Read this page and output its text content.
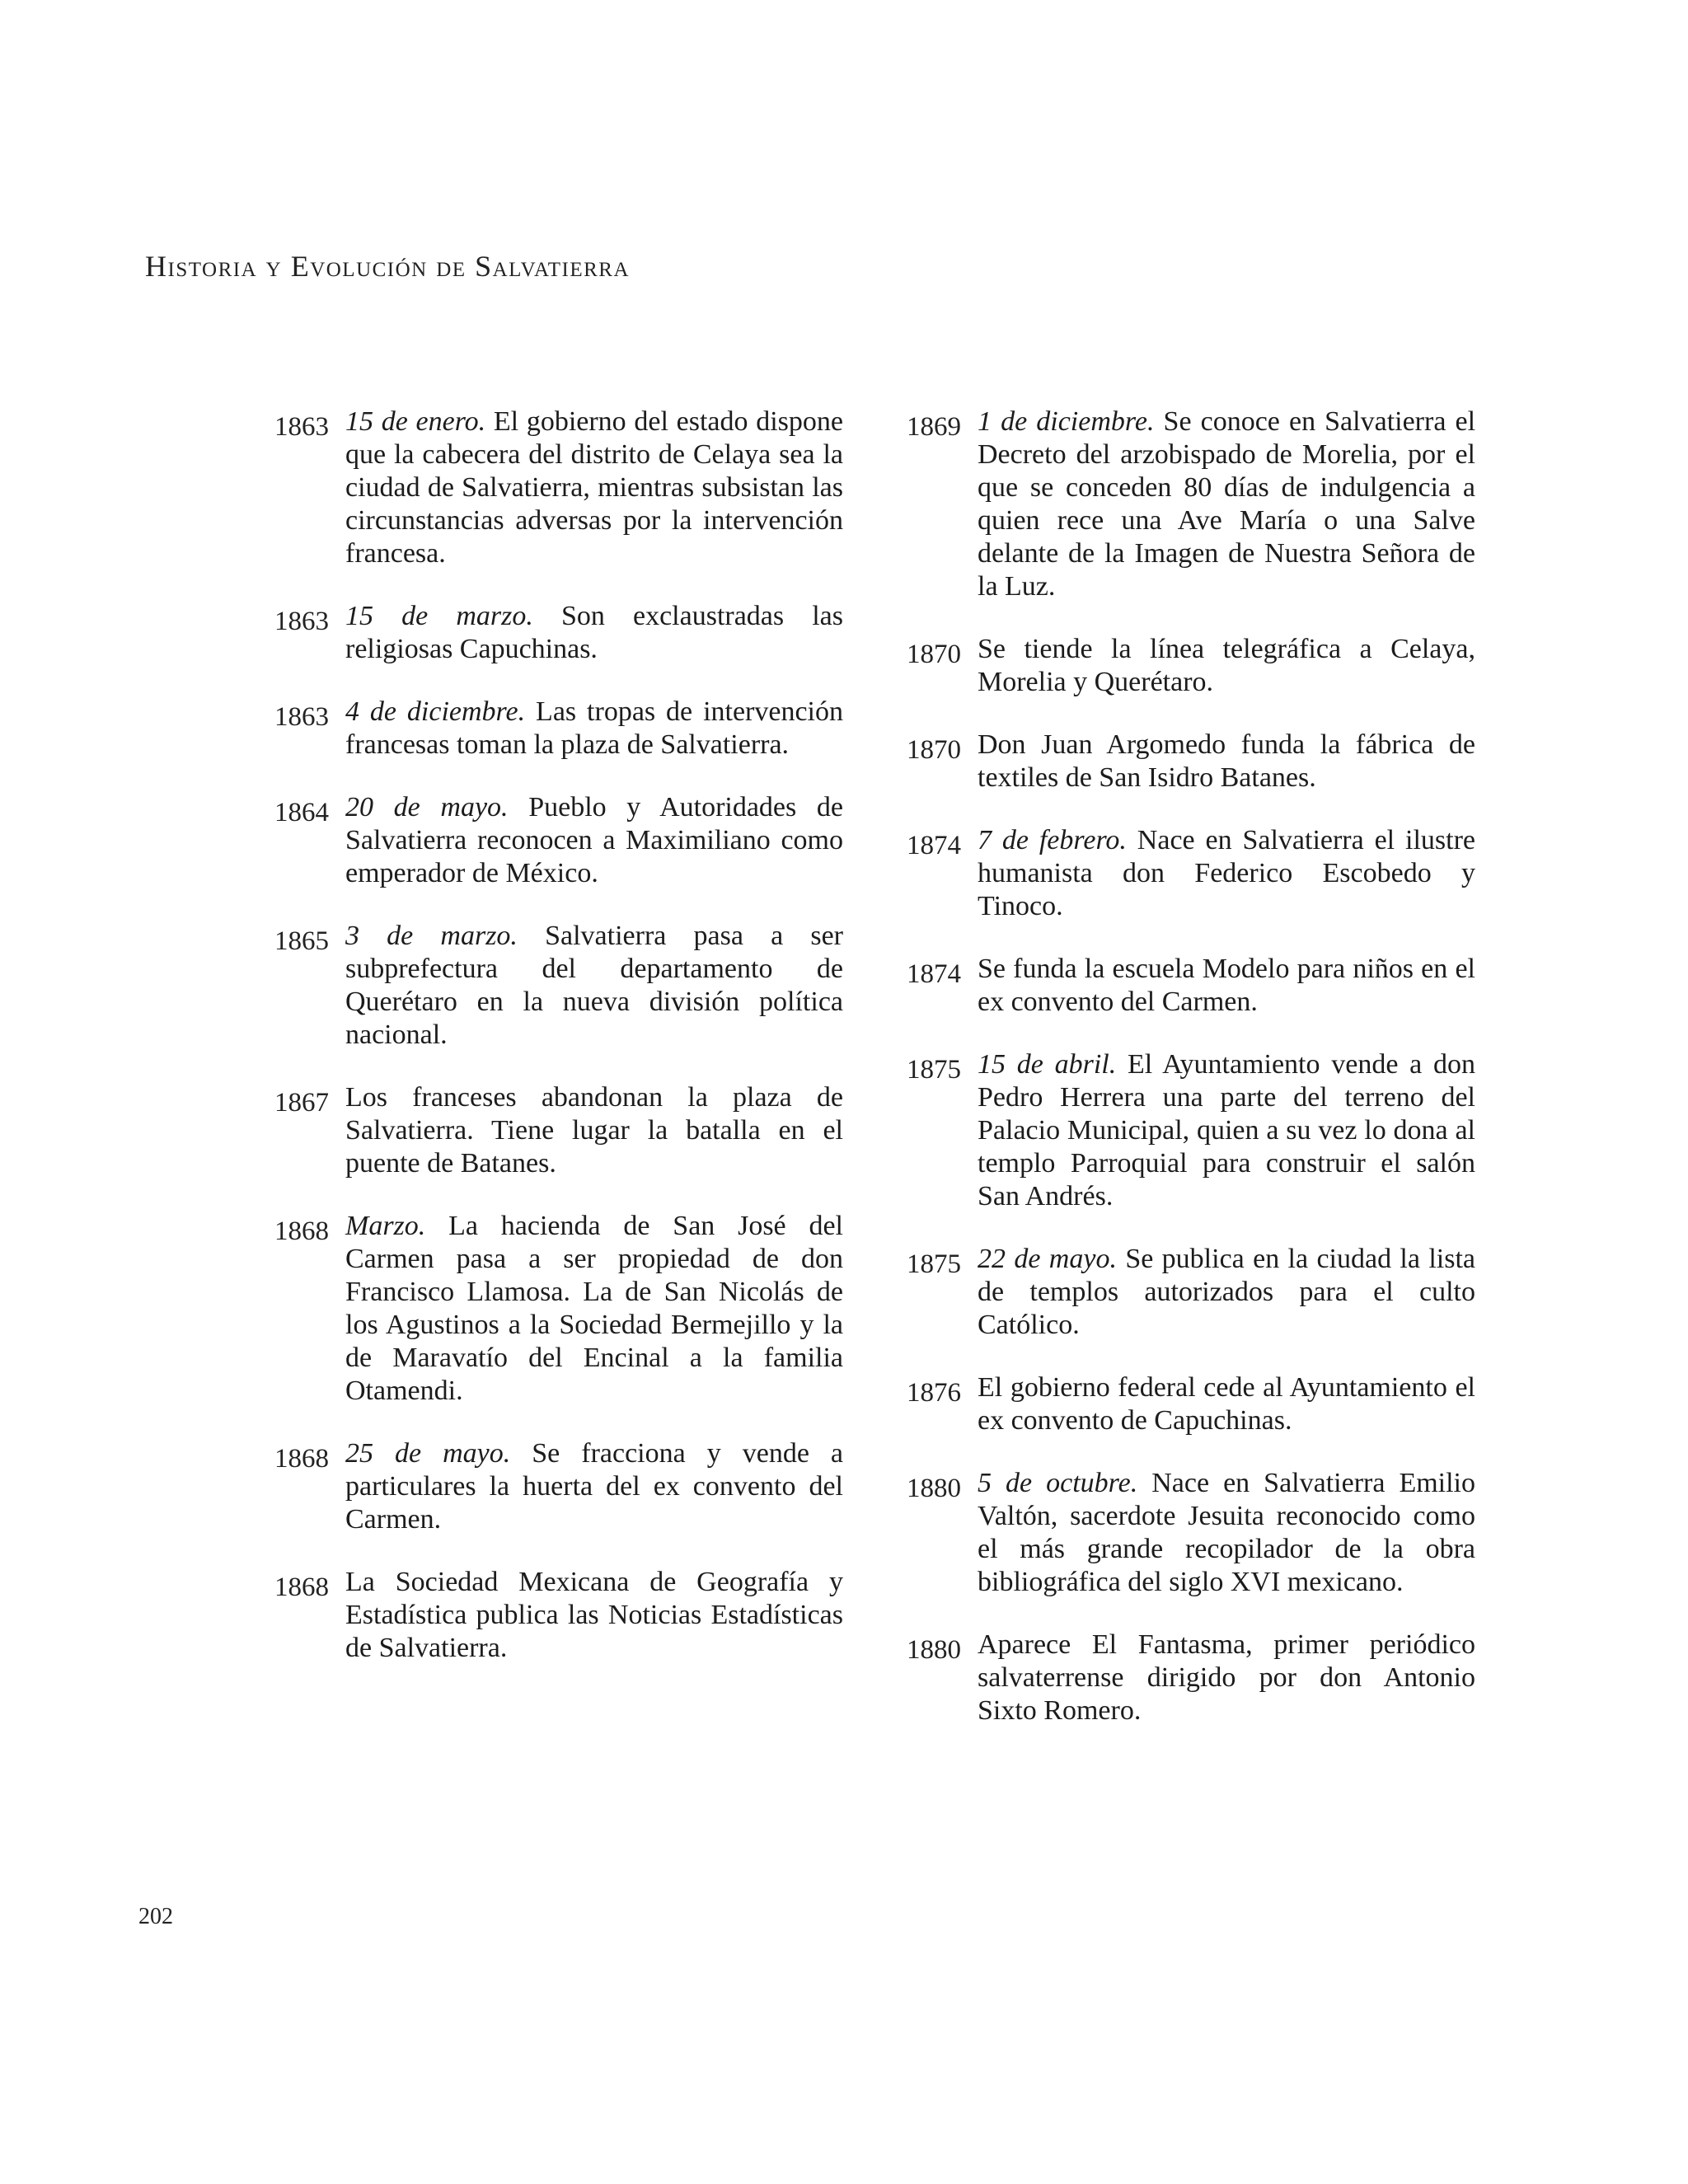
Historia y Evolución de Salvatierra
1863 15 de enero. El gobierno del estado dispone que la cabecera del distrito de Celaya sea la ciudad de Salvatierra, mientras subsistan las circunstancias adversas por la intervención francesa.
1863 15 de marzo. Son exclaustradas las religiosas Capuchinas.
1863 4 de diciembre. Las tropas de intervención francesas toman la plaza de Salvatierra.
1864 20 de mayo. Pueblo y Autoridades de Salvatierra reconocen a Maximiliano como emperador de México.
1865 3 de marzo. Salvatierra pasa a ser subprefectura del departamento de Querétaro en la nueva división política nacional.
1867 Los franceses abandonan la plaza de Salvatierra. Tiene lugar la batalla en el puente de Batanes.
1868 Marzo. La hacienda de San José del Carmen pasa a ser propiedad de don Francisco Llamosa. La de San Nicolás de los Agustinos a la Sociedad Bermejillo y la de Maravatío del Encinal a la familia Otamendi.
1868 25 de mayo. Se fracciona y vende a particulares la huerta del ex convento del Carmen.
1868 La Sociedad Mexicana de Geografía y Estadística publica las Noticias Estadísticas de Salvatierra.
1869 1 de diciembre. Se conoce en Salvatierra el Decreto del arzobispado de Morelia, por el que se conceden 80 días de indulgencia a quien rece una Ave María o una Salve delante de la Imagen de Nuestra Señora de la Luz.
1870 Se tiende la línea telegráfica a Celaya, Morelia y Querétaro.
1870 Don Juan Argomedo funda la fábrica de textiles de San Isidro Batanes.
1874 7 de febrero. Nace en Salvatierra el ilustre humanista don Federico Escobedo y Tinoco.
1874 Se funda la escuela Modelo para niños en el ex convento del Carmen.
1875 15 de abril. El Ayuntamiento vende a don Pedro Herrera una parte del terreno del Palacio Municipal, quien a su vez lo dona al templo Parroquial para construir el salón San Andrés.
1875 22 de mayo. Se publica en la ciudad la lista de templos autorizados para el culto Católico.
1876 El gobierno federal cede al Ayuntamiento el ex convento de Capuchinas.
1880 5 de octubre. Nace en Salvatierra Emilio Valtón, sacerdote Jesuita reconocido como el más grande recopilador de la obra bibliográfica del siglo XVI mexicano.
1880 Aparece El Fantasma, primer periódico salvaterrense dirigido por don Antonio Sixto Romero.

202
